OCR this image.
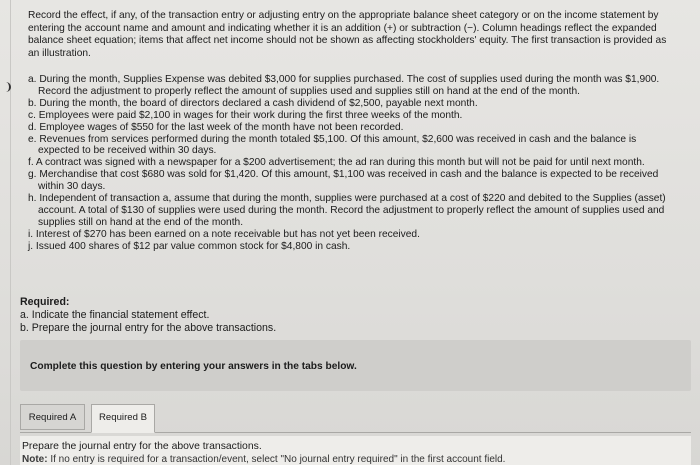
Record the effect, if any, of the transaction entry or adjusting entry on the appropriate balance sheet category or on the income statement by entering the account name and amount and indicating whether it is an addition (+) or subtraction (−). Column headings reflect the expanded balance sheet equation; items that affect net income should not be shown as affecting stockholders' equity. The first transaction is provided as an illustration.
a. During the month, Supplies Expense was debited $3,000 for supplies purchased. The cost of supplies used during the month was $1,900. Record the adjustment to properly reflect the amount of supplies used and supplies still on hand at the end of the month.
b. During the month, the board of directors declared a cash dividend of $2,500, payable next month.
c. Employees were paid $2,100 in wages for their work during the first three weeks of the month.
d. Employee wages of $550 for the last week of the month have not been recorded.
e. Revenues from services performed during the month totaled $5,100. Of this amount, $2,600 was received in cash and the balance is expected to be received within 30 days.
f. A contract was signed with a newspaper for a $200 advertisement; the ad ran during this month but will not be paid for until next month.
g. Merchandise that cost $680 was sold for $1,420. Of this amount, $1,100 was received in cash and the balance is expected to be received within 30 days.
h. Independent of transaction a, assume that during the month, supplies were purchased at a cost of $220 and debited to the Supplies (asset) account. A total of $130 of supplies were used during the month. Record the adjustment to properly reflect the amount of supplies used and supplies still on hand at the end of the month.
i. Interest of $270 has been earned on a note receivable but has not yet been received.
j. Issued 400 shares of $12 par value common stock for $4,800 in cash.
Required:
a. Indicate the financial statement effect.
b. Prepare the journal entry for the above transactions.
Complete this question by entering your answers in the tabs below.
Required A	Required B
Prepare the journal entry for the above transactions.
Note: If no entry is required for a transaction/event, select "No journal entry required" in the first account field.
